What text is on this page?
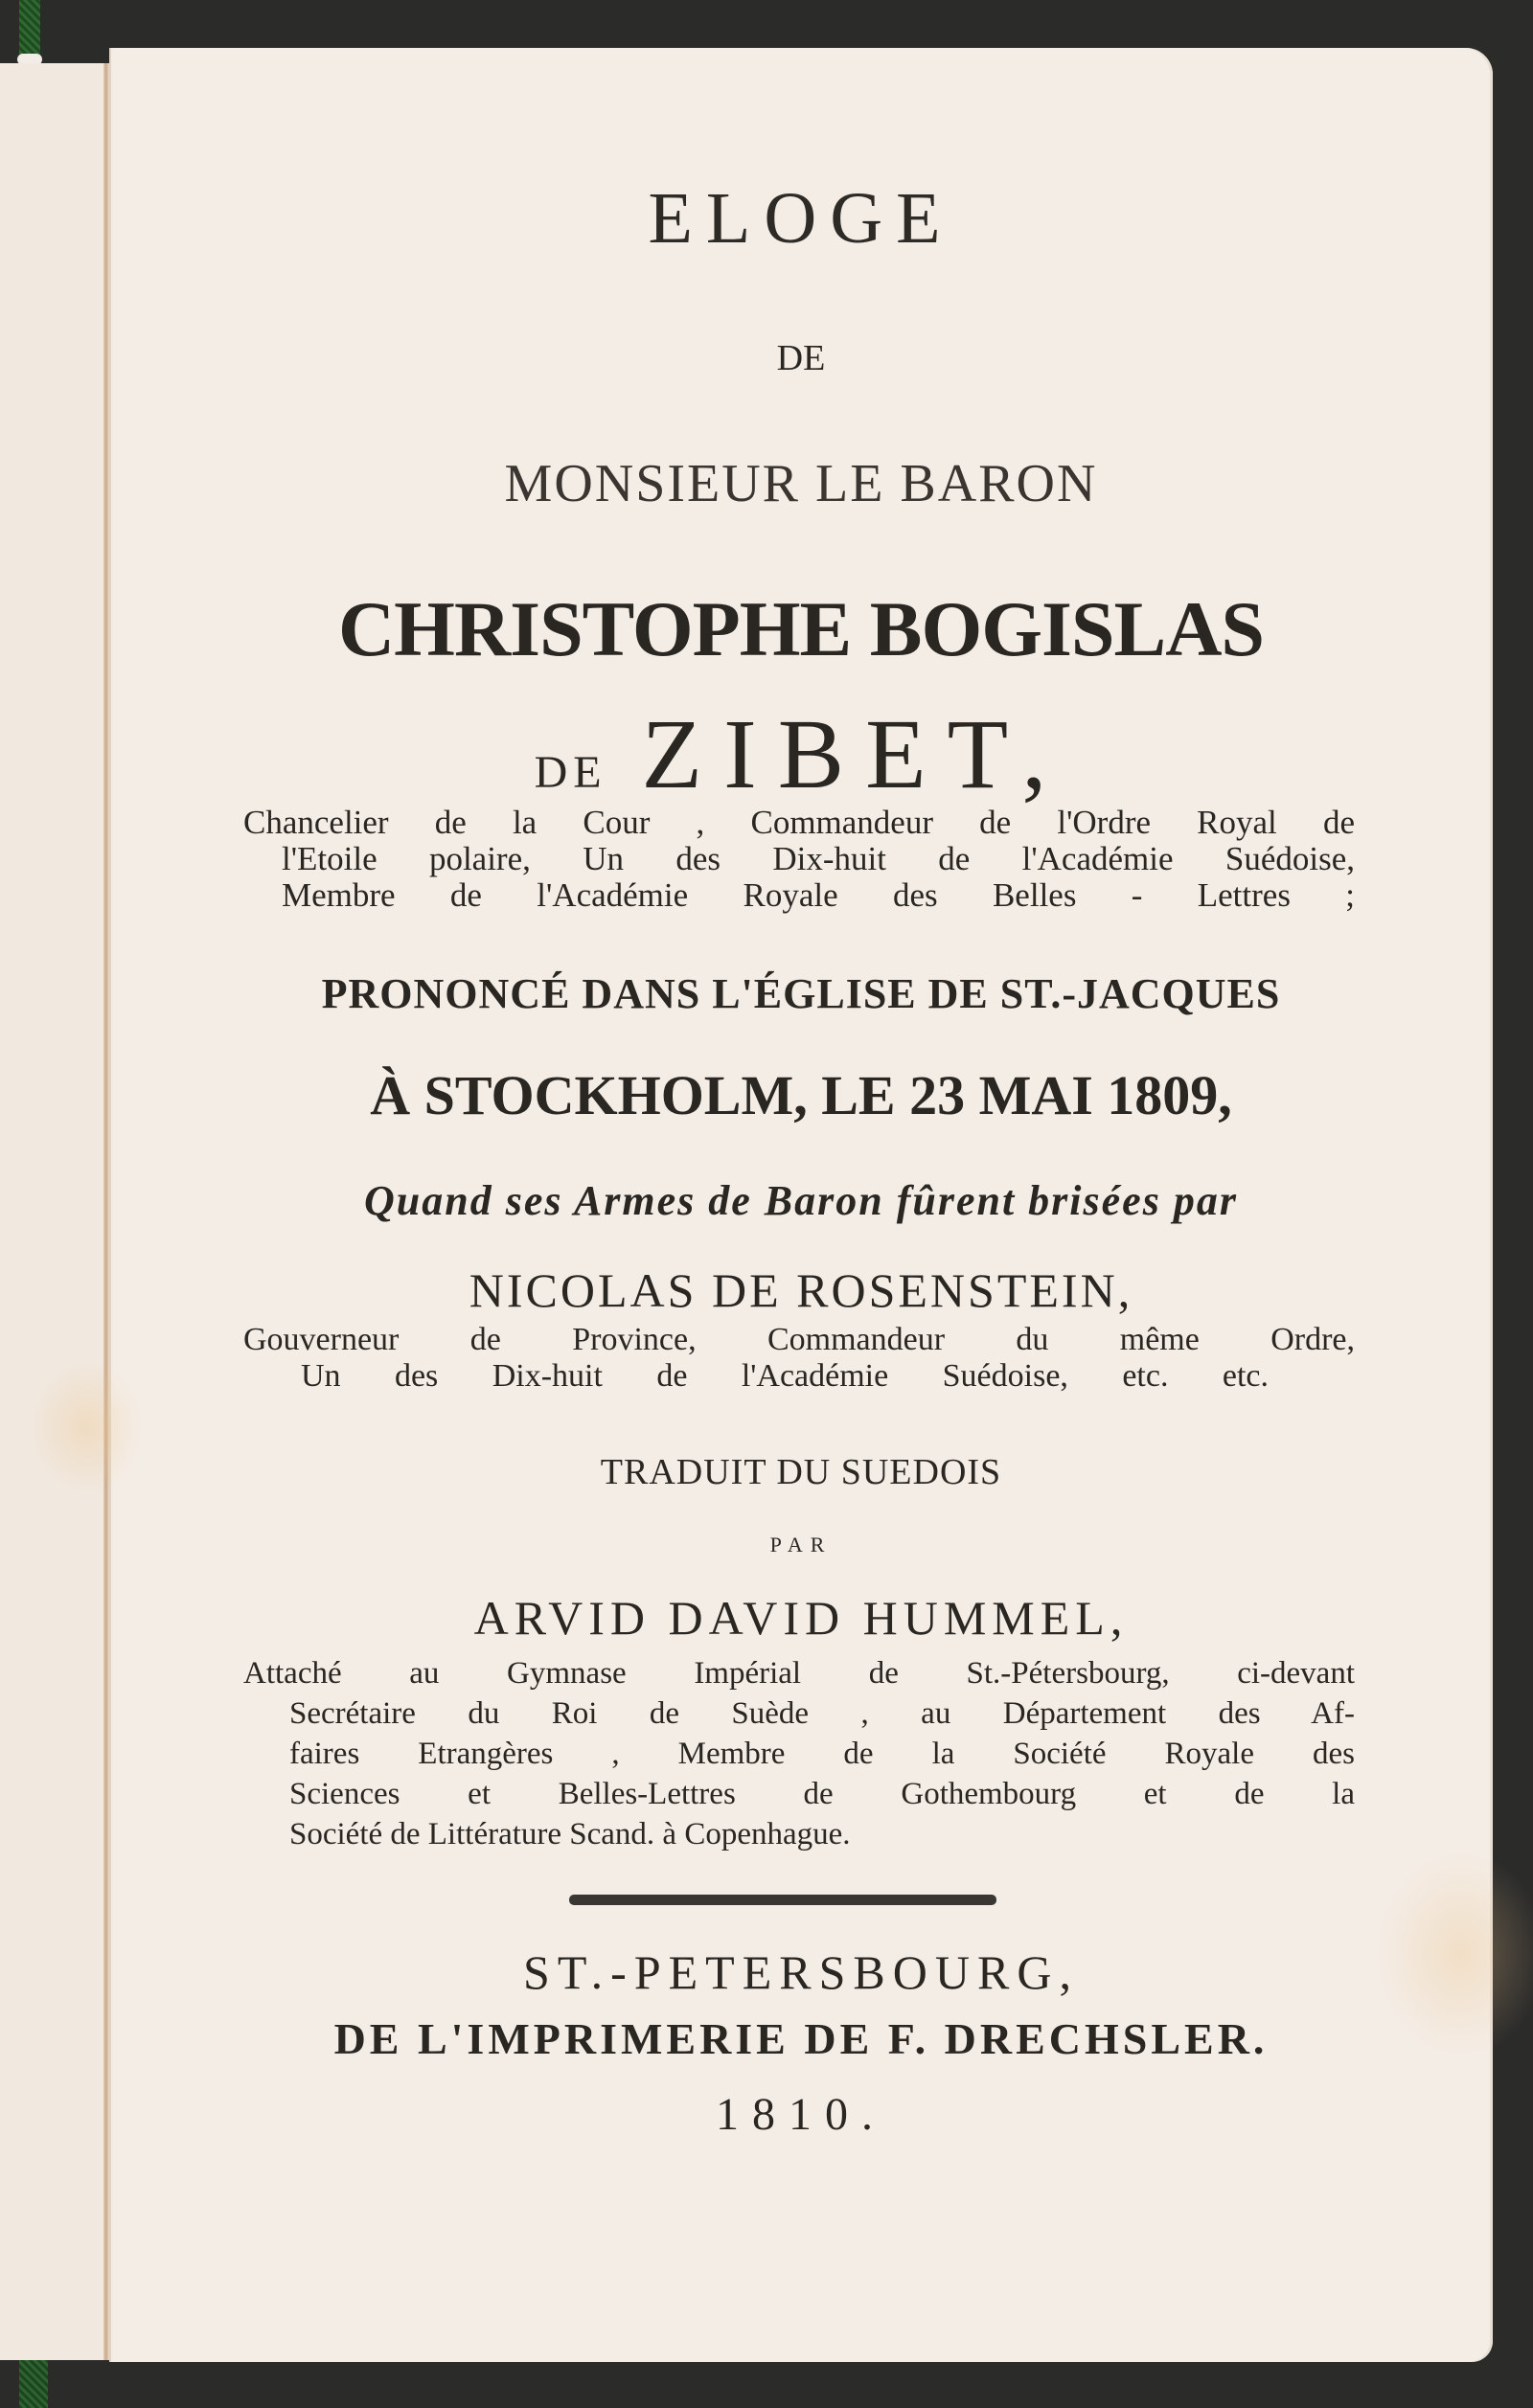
ELOGE
DE
MONSIEUR LE BARON
CHRISTOPHE BOGISLAS
DE ZIBET,
Chancelier de la Cour , Commandeur de l'Ordre Royal de
l'Etoile polaire, Un des Dix-huit de l'Académie Suédoise,
Membre de l'Académie Royale des Belles - Lettres ;
PRONONCÉ DANS L'ÉGLISE DE ST.-JACQUES
À STOCKHOLM, LE 23 MAI 1809,
Quand ses Armes de Baron fûrent brisées par
NICOLAS DE ROSENSTEIN,
Gouverneur de Province, Commandeur du même Ordre,
Un des Dix-huit de l'Académie Suédoise, etc. etc.
TRADUIT DU SUEDOIS
PAR
ARVID DAVID HUMMEL,
Attaché au Gymnase Impérial de St.-Pétersbourg, ci-devant
Secrétaire du Roi de Suède , au Département des Af-
faires Etrangères , Membre de la Société Royale des
Sciences et Belles-Lettres de Gothembourg et de la
Société de Littérature Scand. à Copenhague.
ST.-PETERSBOURG,
DE L'IMPRIMERIE DE F. DRECHSLER.
1810.
